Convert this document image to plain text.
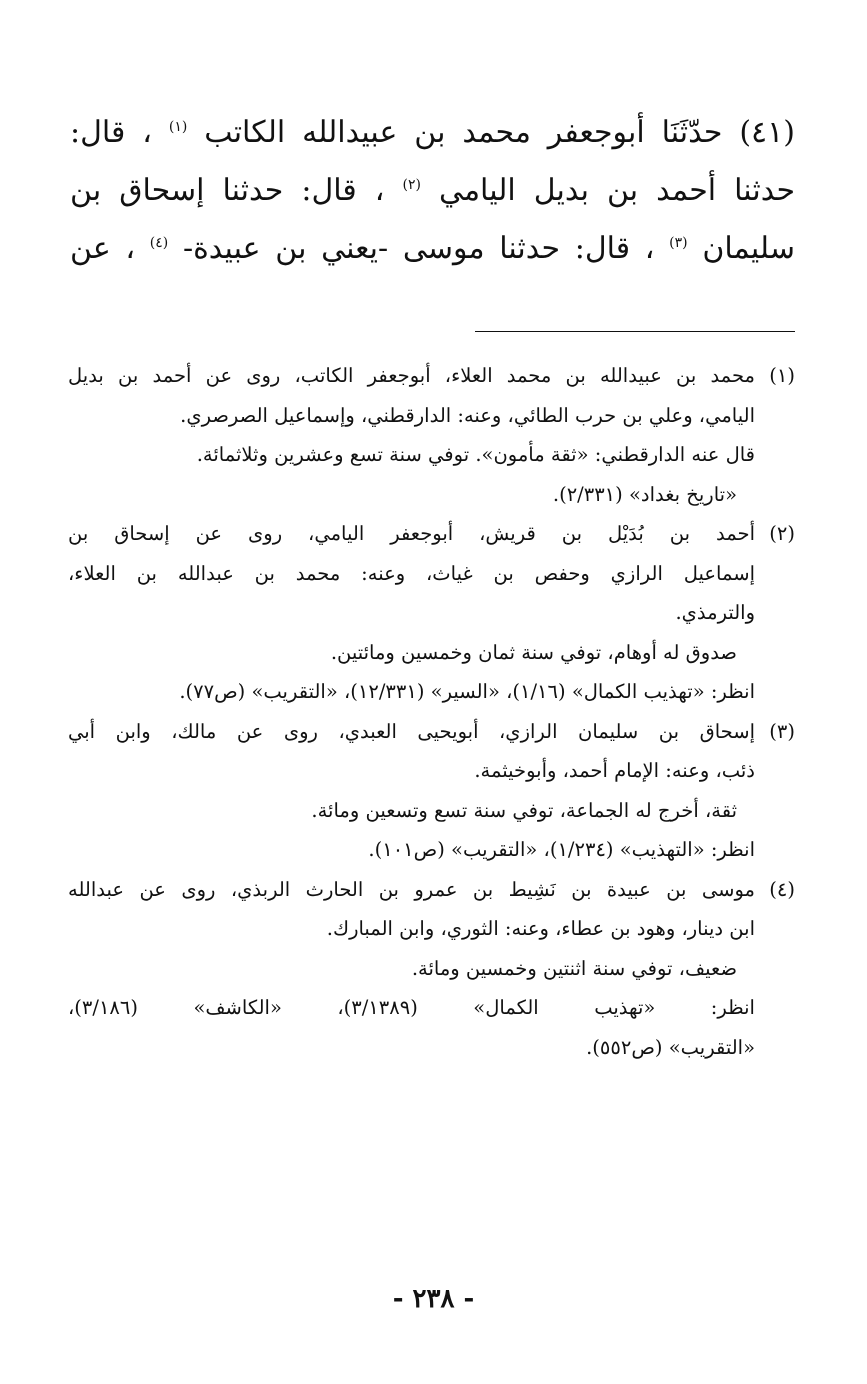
(٤١) حدّثَنَا أبوجعفر محمد بن عبيدالله الكاتب $^{(١)}$ ، قال:
حدثنا أحمد بن بديل اليامي $^{(٢)}$ ، قال: حدثنا إسحاق بن
سليمان $^{(٣)}$ ، قال: حدثنا موسى -يعني بن عبيدة- $^{(٤)}$ ، عن
(١)
محمد بن عبيدالله بن محمد العلاء، أبوجعفر الكاتب، روى عن أحمد بن بديل
اليامي، وعلي بن حرب الطائي، وعنه: الدارقطني، وإسماعيل الصرصري.
قال عنه الدارقطني: «ثقة مأمون». توفي سنة تسع وعشرين وثلاثمائة.
«تاريخ بغداد» (٢/٣٣١).
(٢)
أحمد بن بُدَيْل بن قريش، أبوجعفر اليامي، روى عن إسحاق بن
إسماعيل الرازي وحفص بن غياث، وعنه: محمد بن عبدالله بن العلاء،
والترمذي.
صدوق له أوهام، توفي سنة ثمان وخمسين ومائتين.
انظر: «تهذيب الكمال» (١/١٦)، «السير» (١٢/٣٣١)، «التقريب» (ص٧٧).
(٣)
إسحاق بن سليمان الرازي، أبويحيى العبدي، روى عن مالك، وابن أبي
ذئب، وعنه: الإمام أحمد، وأبوخيثمة.
ثقة، أخرج له الجماعة، توفي سنة تسع وتسعين ومائة.
انظر: «التهذيب» (١/٢٣٤)، «التقريب» (ص١٠١).
(٤)
موسى بن عبيدة بن نَشِيط بن عمرو بن الحارث الربذي، روى عن عبدالله
ابن دينار، وهود بن عطاء، وعنه: الثوري، وابن المبارك.
ضعيف، توفي سنة اثنتين وخمسين ومائة.
انظر: «تهذيب الكمال» (٣/١٣٨٩)، «الكاشف» (٣/١٨٦)،
«التقريب» (ص٥٥٢).
- ٢٣٨ -
